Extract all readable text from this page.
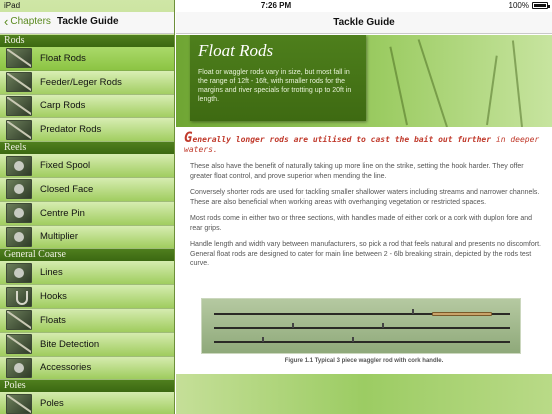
‹ Chapters Tackle Guide
Rods
Float Rods
Feeder/Leger Rods
Carp Rods
Predator Rods
Reels
Fixed Spool
Closed Face
Centre Pin
Multiplier
General Coarse
Lines
Hooks
Floats
Bite Detection
Accessories
Poles
Poles
Tackle Guide
Float Rods
Float or waggler rods vary in size, but most fall in the range of 12ft - 16ft, with smaller rods for the margins and river specials for trotting up to 20ft in length.
Generally longer rods are utilised to cast the bait out further in deeper waters.
These also have the benefit of naturally taking up more line on the strike, setting the hook harder. They offer greater float control, and prove superior when mending the line.
Conversely shorter rods are used for tackling smaller shallower waters including streams and narrower channels. These are also beneficial when working areas with overhanging vegetation or restricted spaces.
Most rods come in either two or three sections, with handles made of either cork or a cork with duplon fore and rear grips.
Handle length and width vary between manufacturers, so pick a rod that feels natural and presents no discomfort. General float rods are designed to cater for main line between 2 - 6lb breaking strain, depicted by the rods test curve.
Figure 1.1 Typical 3 piece waggler rod with cork handle.
iPad	7:26 PM	100%
